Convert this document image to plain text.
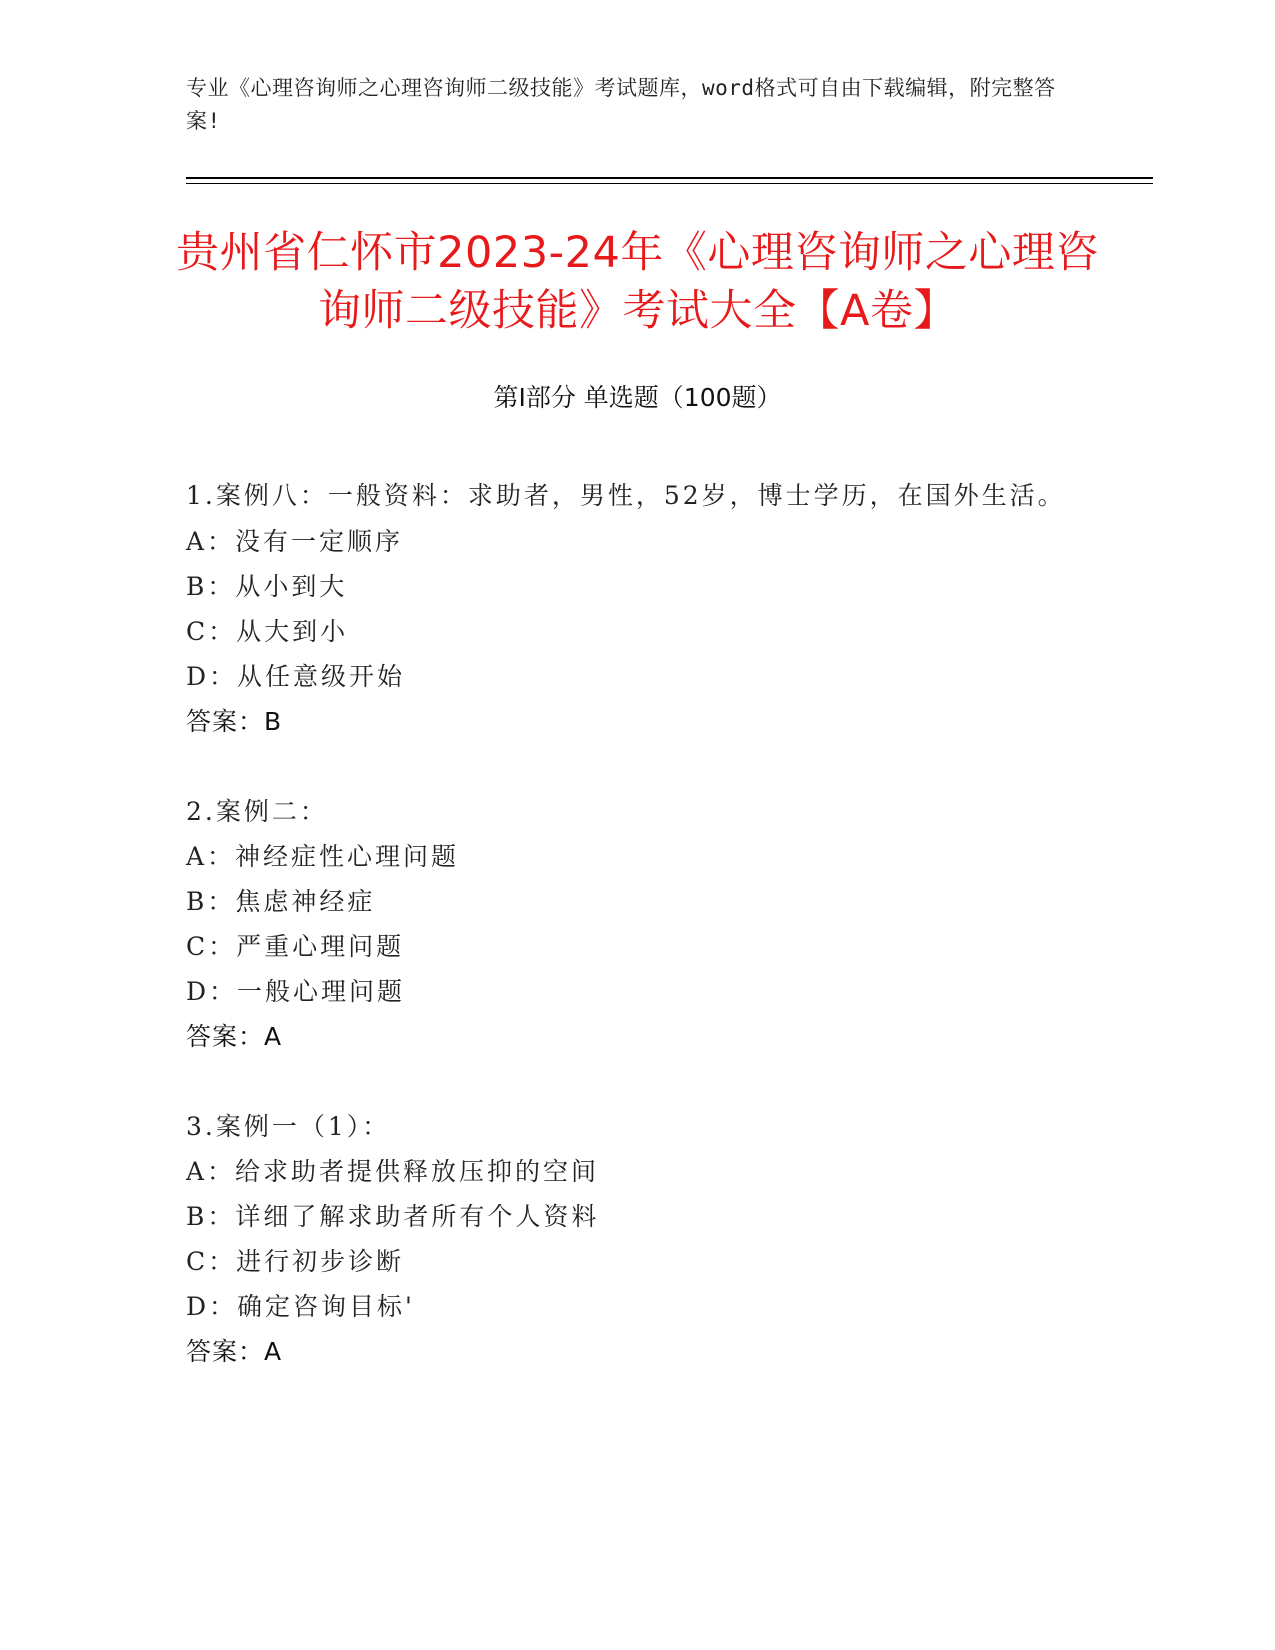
专业《心理咨询师之心理咨询师二级技能》考试题库，word格式可自由下载编辑，附完整答案!
贵州省仁怀市2023-24年《心理咨询师之心理咨询师二级技能》考试大全【A卷】
第I部分 单选题（100题）
1.案例八：一般资料：求助者，男性，52岁，博士学历，在国外生活。
A：没有一定顺序
B：从小到大
C：从大到小
D：从任意级开始
答案：B
2.案例二：
A：神经症性心理问题
B：焦虑神经症
C：严重心理问题
D：一般心理问题
答案：A
3.案例一（1）：
A：给求助者提供释放压抑的空间
B：详细了解求助者所有个人资料
C：进行初步诊断
D：确定咨询目标'
答案：A
